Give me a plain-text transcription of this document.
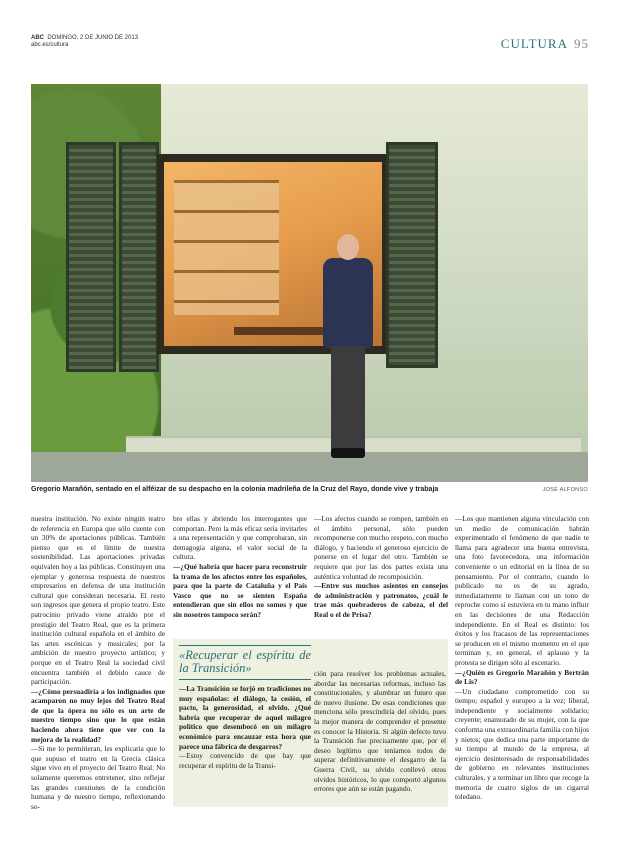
ABC DOMINGO, 2 DE JUNIO DE 2013
abc.es/cultura	CULTURA 95
Gregorio Marañón, sentado en el alféizar de su despacho en la colonia madrileña de la Cruz del Rayo, donde vive y trabaja	JOSÉ ALFONSO

nuestra institución. No existe ningún teatro de referencia en Europa que sólo cuente con un 30% de aportaciones públicas. También pienso que es el límite de nuestra sostenibilidad. Las aportaciones privadas equivalen hoy a las públicas. Constituyen una ejemplar y generosa respuesta de nuestros empresarios en defensa de una institución cultural que consideran necesaria. El resto son ingresos que genera el propio teatro. Este patrocinio privado viene atraído por el prestigio del Teatro Real, que es la primera institución cultural española en el ámbito de las artes escénicas y musicales; por la ambición de nuestro proyecto artístico; y porque en el Teatro Real la sociedad civil encuentra también el debido cauce de participación.

—¿Cómo persuadiría a los indignados que acamparon no muy lejos del Teatro Real de que la ópera no sólo es un arte de nuestro tiempo sino que lo que están haciendo ahora tiene que ver con la mejora de la realidad?

—Si me lo permitieran, les explicaría que lo que supuso el teatro en la Grecia clásica sigue vivo en el proyecto del Teatro Real. No solamente queremos entretener, sino reflejar las grandes cuestiones de la condición humana y de nuestro tiempo, reflexionando so-

bre ellas y abriendo los interrogantes que comportan. Pero la más eficaz sería invitarles a una representación y que comprobaran, sin demagogia alguna, el valor social de la cultura.

—¿Qué habría que hacer para reconstruir la trama de los afectos entre los españoles, para que la parte de Cataluña y el País Vasco que no se sienten España entendieran que sin ellos no somos y que sin nosotros tampoco serán?

—Los afectos cuando se rompen, también en el ámbito personal, sólo pueden recomponerse con mucho respeto, con mucho diálogo, y haciendo el generoso ejercicio de ponerse en el lugar del otro. También se requiere que por las dos partes exista una auténtica voluntad de recomposición.

—Entre sus muchos asientos en consejos de administración y patronatos, ¿cuál le trae más quebraderos de cabeza, el del Real o el de Prisa?

—Los que mantienen alguna vinculación con un medio de comunicación habrán experimentado el fenómeno de que nadie te llama para agradecer una buena entrevista, una foto favorecedora, una información conveniente o un editorial en la línea de su pensamiento. Por el contrario, cuando lo publicado no es de su agrado, inmediatamente te llaman con un tono de reproche como si estuviera en tu mano influir en las decisiones de una Redacción independiente. En el Real es distinto: los éxitos y los fracasos de las representaciones se producen en el mismo momento en el que terminan y, en general, el aplauso y la protesta se dirigen sólo al escenario.

—¿Quién es Gregorio Marañón y Bertrán de Lis?

—Un ciudadano comprometido con su tiempo; español y europeo a la vez; liberal, independiente y socialmente solidario; creyente; enamorado de su mujer, con la que conforma una extraordinaria familia con hijos y nietos; que dedica una parte importante de su tiempo al mundo de la empresa, al ejercicio desinteresado de responsabilidades de gobierno en relevantes instituciones culturales, y a terminar un libro que recoge la memoria de cuatro siglos de un cigarral toledano.

«Recuperar el espíritu de la Transición»

—La Transición se forjó en tradiciones no muy españolas: el diálogo, la cesión, el pacto, la generosidad, el olvido. ¿Qué habría que recuperar de aquel milagro político que desembocó en un milagro económico para encauzar esta hora que parece una fábrica de desgarros?

—Estoy convencido de que hay que recuperar el espíritu de la Transi-

ción para resolver los problemas actuales, abordar las necesarias reformas, incluso las constitucionales, y alumbrar un futuro que de nuevo ilusione. De esas condiciones que menciona sólo prescindiría del olvido, pues la mejor manera de comprender el presente es conocer la Historia. Si algún defecto tuvo la Transición fue precisamente que, por el deseo legítimo que teníamos todos de superar definitivamente el desgarro de la Guerra Civil, su olvido conllevó otros olvidos históricos, lo que comportó algunos errores que aún se están pagando.
